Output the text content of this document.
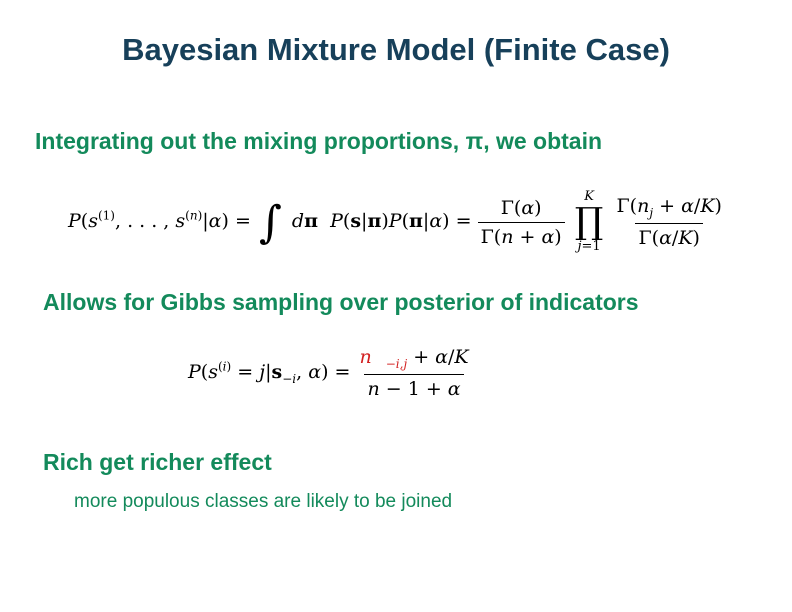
Bayesian Mixture Model (Finite Case)
Integrating out the mixing proportions, π, we obtain
$P(s^{(1)}$, . . . , $s^{(n)}|\alpha$) = ∫ dπ $P(s|\pi)P(\pi|\alpha) = \frac{\Gamma(\alpha)}{\Gamma(n + \alpha)}$
K
∏
j=1
$\frac{\Gamma(n_j + \alpha/K)}{\Gamma(\alpha/K)}$
Allows for Gibbs sampling over posterior of indicators
$P(s^{(i)} = j|s_{-i}$, $\alpha) = \frac{n _{-i,j} + \alpha/K}{n - 1 + \alpha}$
Rich get richer effect
more populous classes are likely to be joined
